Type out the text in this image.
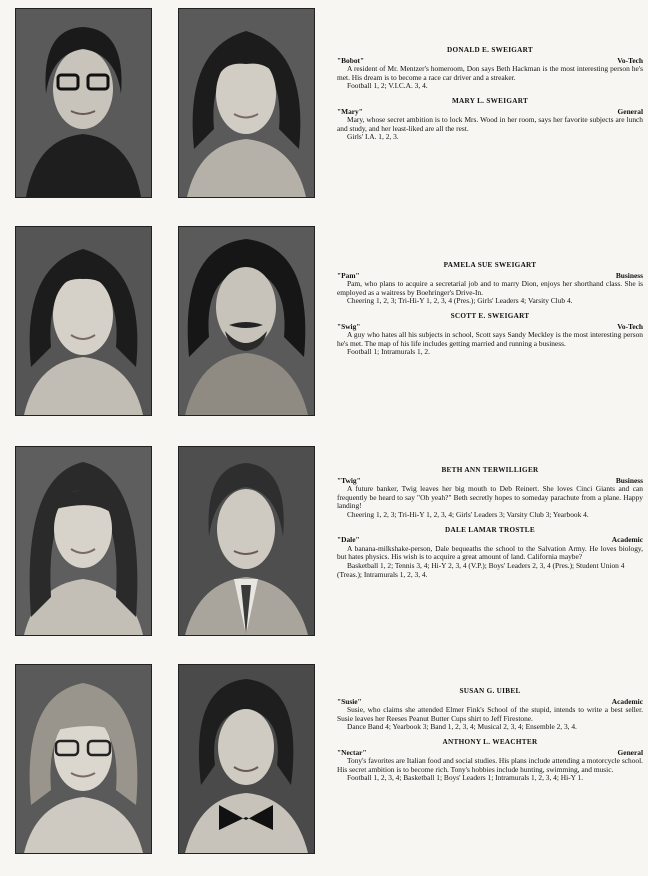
DONALD E. SWEIGART
"Bobot"	Vo-Tech
A resident of Mr. Mentzer's homeroom, Don says Beth Hackman is the most interesting person he's met. His dream is to become a race car driver and a streaker.
Football 1, 2; V.I.C.A. 3, 4.
MARY L. SWEIGART
"Mary"	General
Mary, whose secret ambition is to lock Mrs. Wood in her room, says her favorite subjects are lunch and study, and her least-liked are all the rest.
Girls' I.A. 1, 2, 3.
PAMELA SUE SWEIGART
"Pam"	Business
Pam, who plans to acquire a secretarial job and to marry Dion, enjoys her shorthand class. She is employed as a waitress by Boehringer's Drive-In.
Cheering 1, 2, 3; Tri-Hi-Y 1, 2, 3, 4 (Pres.); Girls' Leaders 4; Varsity Club 4.
SCOTT E. SWEIGART
"Swig"	Vo-Tech
A guy who hates all his subjects in school, Scott says Sandy Meckley is the most interesting person he's met. The map of his life includes getting married and running a business.
Football 1; Intramurals 1, 2.
BETH ANN TERWILLIGER
"Twig"	Business
A future banker, Twig leaves her big mouth to Deb Reinert. She loves Cinci Giants and can frequently be heard to say "Oh yeah?" Beth secretly hopes to someday parachute from a plane. Happy landing!
Cheering 1, 2, 3; Tri-Hi-Y 1, 2, 3, 4; Girls' Leaders 3; Varsity Club 3; Yearbook 4.
DALE LAMAR TROSTLE
"Dale"	Academic
A banana-milkshake-person, Dale bequeaths the school to the Salvation Army. He loves biology, but hates physics. His wish is to acquire a great amount of land. California maybe?
Basketball 1, 2; Tennis 3, 4; Hi-Y 2, 3, 4 (V.P.); Boys' Leaders 2, 3, 4 (Pres.); Student Union 4 (Treas.); Intramurals 1, 2, 3, 4.
SUSAN G. UIBEL
"Susie"	Academic
Susie, who claims she attended Elmer Fink's School of the stupid, intends to write a best seller. Susie leaves her Reeses Peanut Butter Cups shirt to Jeff Firestone.
Dance Band 4; Yearbook 3; Band 1, 2, 3, 4; Musical 2, 3, 4; Ensemble 2, 3, 4.
ANTHONY L. WEACHTER
"Nectar"	General
Tony's favorites are Italian food and social studies. His plans include attending a motorcycle school. His secret ambition is to become rich. Tony's hobbies include hunting, swimming, and music.
Football 1, 2, 3, 4; Basketball 1; Boys' Leaders 1; Intramurals 1, 2, 3, 4; Hi-Y 1.
